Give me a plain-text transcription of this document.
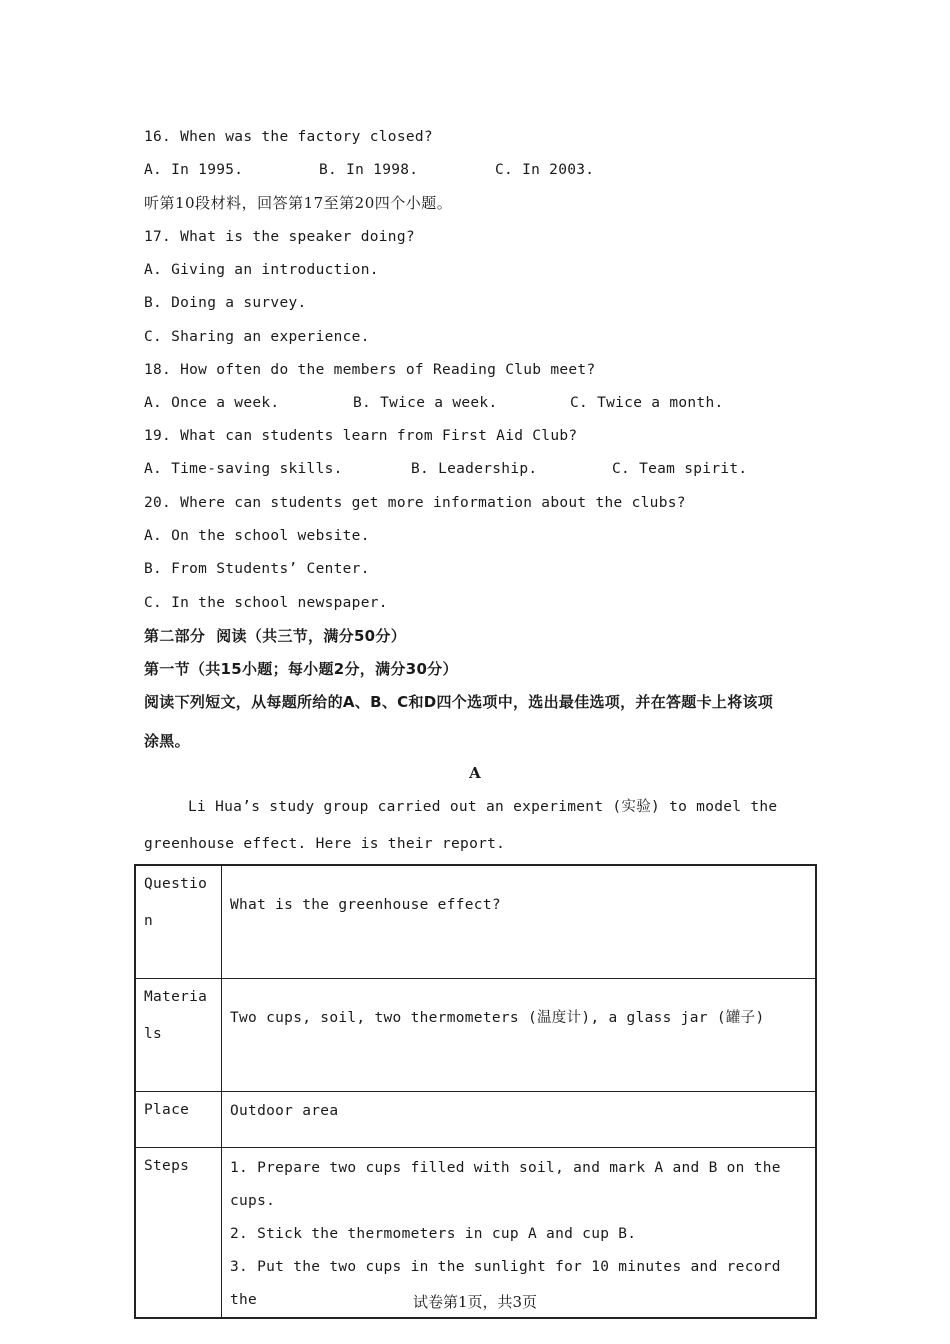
16. When was the factory closed?
A. In 1995.	B. In 1998.	C. In 2003.
听第10段材料，回答第17至第20四个小题。
17. What is the speaker doing?
A. Giving an introduction.
B. Doing a survey.
C. Sharing an experience.
18. How often do the members of Reading Club meet?
A. Once a week.	B. Twice a week.	C. Twice a month.
19. What can students learn from First Aid Club?
A. Time-saving skills.	B. Leadership.	C. Team spirit.
20. Where can students get more information about the clubs?
A. On the school website.
B. From Students’ Center.
C. In the school newspaper.
第二部分  阅读（共三节，满分50分）
第一节（共15小题；每小题2分，满分30分）
阅读下列短文，从每题所给的A、B、C和D四个选项中，选出最佳选项，并在答题卡上将该项
涂黑。
A
Li Hua’s study group carried out an experiment (实验) to model the
greenhouse effect. Here is their report.
Question	What is the greenhouse effect?
Materials	Two cups, soil, two thermometers (温度计), a glass jar (罐子)
Place	Outdoor area
Steps	1. Prepare two cups filled with soil, and mark A and B on the cups.
2. Stick the thermometers in cup A and cup B.
3. Put the two cups in the sunlight for 10 minutes and record the	试卷第1页，共3页
